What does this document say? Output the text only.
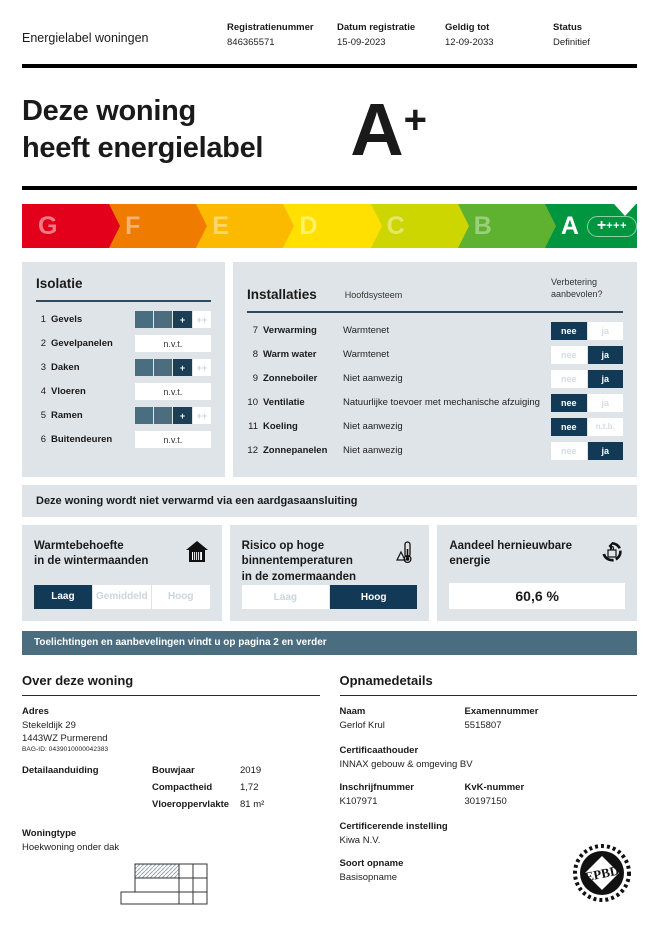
Energielabel woningen
Registratienummer
846365571
Datum registratie
15-09-2023
Geldig tot
12-09-2033
Status
Definitief
Deze woning
heeft energielabel	A +
G	F	E	D	C	B	A + +++
Isolatie
1 Gevels	+	++
2 Gevelpanelen	n.v.t.
3 Daken	+	++
4 Vloeren	n.v.t.
5 Ramen	+	++
6 Buitendeuren	n.v.t.
Installaties	Hoofdsysteem
Verbetering
aanbevolen?
7 Verwarming	Warmtenet	nee	ja
8 Warm water	Warmtenet	nee	ja
9 Zonneboiler	Niet aanwezig	nee	ja
10 Ventilatie	Natuurlijke toevoer met mechanische afzuiging	nee	ja
11 Koeling	Niet aanwezig	nee	n.t.b.
12 Zonnepanelen	Niet aanwezig	nee	ja
Deze woning wordt niet verwarmd via een aardgasaansluiting
Warmtebehoefte
in de wintermaanden
Laag	Gemiddeld	Hoog
Risico op hoge
binnentemperaturen
in de zomermaanden
Laag	Hoog
Aandeel hernieuwbare
energie
60,6 %
Toelichtingen en aanbevelingen vindt u op pagina 2 en verder
Over deze woning
Adres
Stekeldijk 29
1443WZ Purmerend
BAG-ID: 0439010000042383
Detailaanduiding	Bouwjaar	2019
Compactheid	1,72
Vloeroppervlakte	81 m²
Woningtype
Hoekwoning onder dak
Opnamedetails
Naam
Gerlof Krul
Examennummer
5515807
Certificaathouder
INNAX gebouw & omgeving BV
Inschrijfnummer
K107971
KvK-nummer
30197150
Certificerende instelling
Kiwa N.V.
Soort opname
Basisopname	EPBD
